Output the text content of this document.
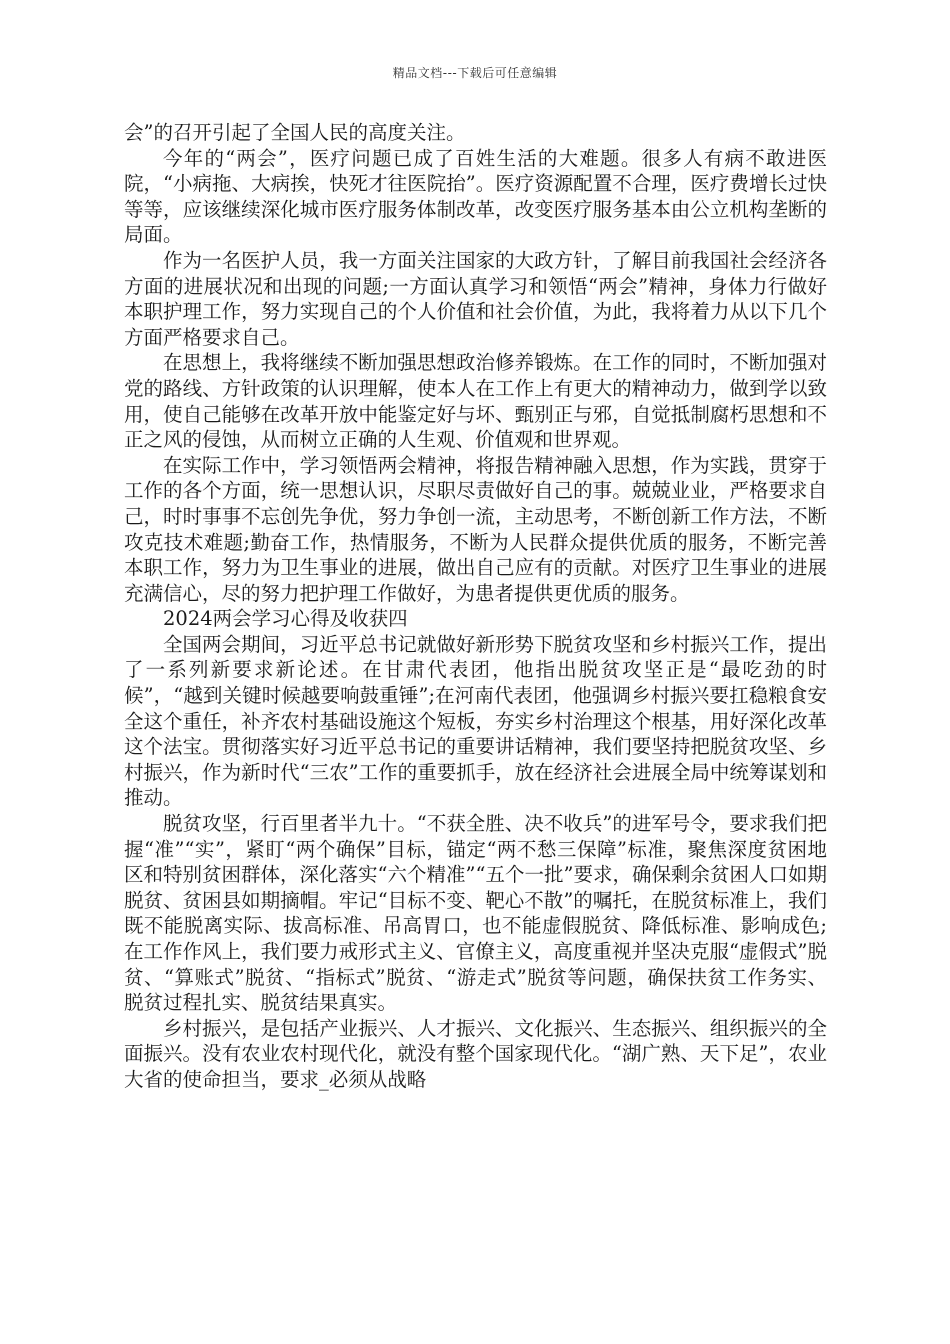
精品文档---下载后可任意编辑

会”的召开引起了全国人民的高度关注。

今年的“两会”，医疗问题已成了百姓生活的大难题。很多人有病不敢进医院，“小病拖、大病挨，快死才往医院抬”。医疗资源配置不合理，医疗费增长过快等等，应该继续深化城市医疗服务体制改革，改变医疗服务基本由公立机构垄断的局面。

作为一名医护人员，我一方面关注国家的大政方针，了解目前我国社会经济各方面的进展状况和出现的问题;一方面认真学习和领悟“两会”精神，身体力行做好本职护理工作，努力实现自己的个人价值和社会价值，为此，我将着力从以下几个方面严格要求自己。

在思想上，我将继续不断加强思想政治修养锻炼。在工作的同时，不断加强对党的路线、方针政策的认识理解，使本人在工作上有更大的精神动力，做到学以致用，使自己能够在改革开放中能鉴定好与坏、甄别正与邪，自觉抵制腐朽思想和不正之风的侵蚀，从而树立正确的人生观、价值观和世界观。

在实际工作中，学习领悟两会精神，将报告精神融入思想，作为实践，贯穿于工作的各个方面，统一思想认识，尽职尽责做好自己的事。兢兢业业，严格要求自己，时时事事不忘创先争优，努力争创一流，主动思考，不断创新工作方法，不断攻克技术难题;勤奋工作，热情服务，不断为人民群众提供优质的服务，不断完善本职工作，努力为卫生事业的进展，做出自己应有的贡献。对医疗卫生事业的进展充满信心，尽的努力把护理工作做好，为患者提供更优质的服务。

2024两会学习心得及收获四

全国两会期间，习近平总书记就做好新形势下脱贫攻坚和乡村振兴工作，提出了一系列新要求新论述。在甘肃代表团，他指出脱贫攻坚正是“最吃劲的时候”，“越到关键时候越要响鼓重锤”;在河南代表团，他强调乡村振兴要扛稳粮食安全这个重任，补齐农村基础设施这个短板，夯实乡村治理这个根基，用好深化改革这个法宝。贯彻落实好习近平总书记的重要讲话精神，我们要坚持把脱贫攻坚、乡村振兴，作为新时代“三农”工作的重要抓手，放在经济社会进展全局中统筹谋划和推动。

脱贫攻坚，行百里者半九十。“不获全胜、决不收兵”的进军号令，要求我们把握“准”“实”，紧盯“两个确保”目标，锚定“两不愁三保障”标准，聚焦深度贫困地区和特别贫困群体，深化落实“六个精准”“五个一批”要求，确保剩余贫困人口如期脱贫、贫困县如期摘帽。牢记“目标不变、靶心不散”的嘱托，在脱贫标准上，我们既不能脱离实际、拔高标准、吊高胃口，也不能虚假脱贫、降低标准、影响成色;在工作作风上，我们要力戒形式主义、官僚主义，高度重视并坚决克服“虚假式”脱贫、“算账式”脱贫、“指标式”脱贫、“游走式”脱贫等问题，确保扶贫工作务实、脱贫过程扎实、脱贫结果真实。

乡村振兴，是包括产业振兴、人才振兴、文化振兴、生态振兴、组织振兴的全面振兴。没有农业农村现代化，就没有整个国家现代化。“湖广熟、天下足”，农业大省的使命担当，要求_必须从战略
